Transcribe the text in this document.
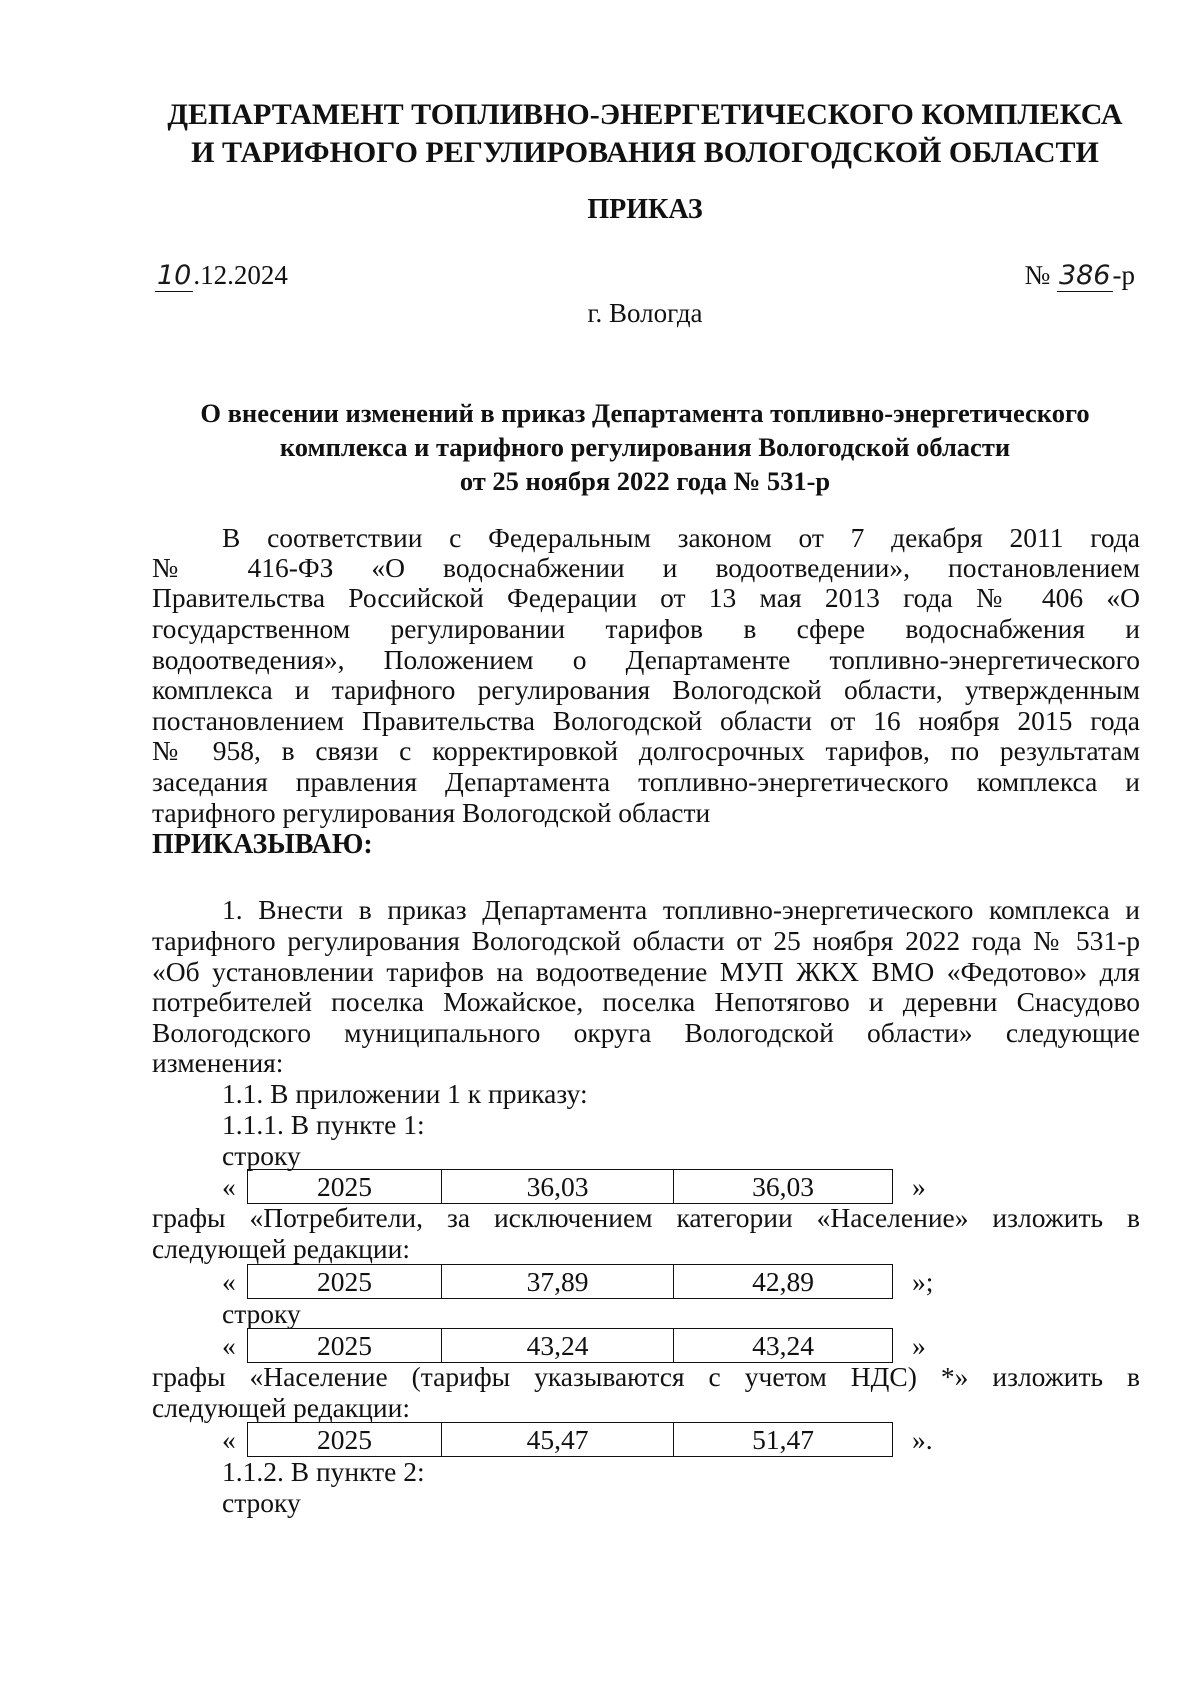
ДЕПАРТАМЕНТ ТОПЛИВНО-ЭНЕРГЕТИЧЕСКОГО КОМПЛЕКСА
И ТАРИФНОГО РЕГУЛИРОВАНИЯ ВОЛОГОДСКОЙ ОБЛАСТИ
ПРИКАЗ
10.12.2024	№ 386-р
г. Вологда
О внесении изменений в приказ Департамента топливно-энергетического
комплекса и тарифного регулирования Вологодской области
от 25 ноября 2022 года № 531-р
В соответствии с Федеральным законом от 7 декабря 2011 года
№ 416-ФЗ «О водоснабжении и водоотведении», постановлением
Правительства Российской Федерации от 13 мая 2013 года № 406 «О
государственном регулировании тарифов в сфере водоснабжения и
водоотведения», Положением о Департаменте топливно-энергетического
комплекса и тарифного регулирования Вологодской области, утвержденным
постановлением Правительства Вологодской области от 16 ноября 2015 года
№ 958, в связи с корректировкой долгосрочных тарифов, по результатам
заседания правления Департамента топливно-энергетического комплекса и
тарифного регулирования Вологодской области
ПРИКАЗЫВАЮ:
1. Внести в приказ Департамента топливно-энергетического комплекса и
тарифного регулирования Вологодской области от 25 ноября 2022 года № 531-р
«Об установлении тарифов на водоотведение МУП ЖКХ ВМО «Федотово» для
потребителей поселка Можайское, поселка Непотягово и деревни Снасудово
Вологодского муниципального округа Вологодской области» следующие
изменения:
1.1. В приложении 1 к приказу:
1.1.1. В пункте 1:
строку
«	2025	36,03	36,03	»
графы «Потребители, за исключением категории «Население» изложить в
следующей редакции:
«	2025	37,89	42,89	»;
строку
«	2025	43,24	43,24	»
графы «Население (тарифы указываются с учетом НДС) *» изложить в
следующей редакции:
«	2025	45,47	51,47	».
1.1.2. В пункте 2:
строку
